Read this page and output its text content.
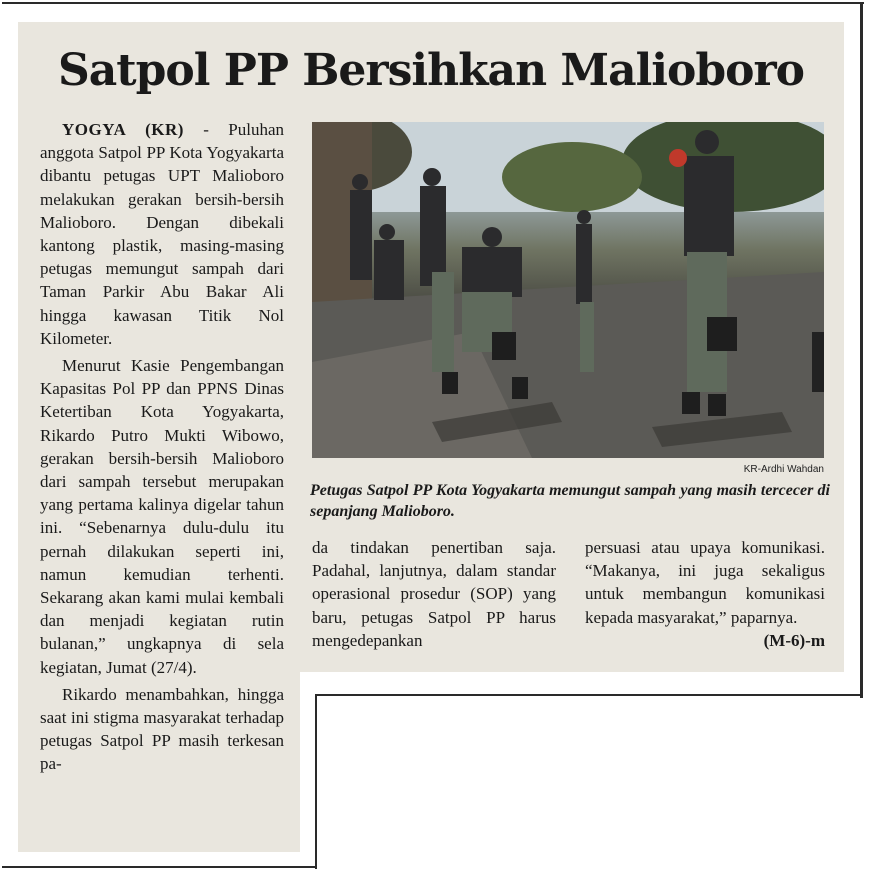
Satpol PP Bersihkan Malioboro

YOGYA (KR) - Puluhan anggota Satpol PP Kota Yogyakarta dibantu petugas UPT Malioboro melakukan gerakan bersih-bersih Malioboro. Dengan dibekali kantong plastik, masing-masing petugas memungut sampah dari Taman Parkir Abu Bakar Ali hingga kawasan Titik Nol Kilometer.

Menurut Kasie Pengembangan Kapasitas Pol PP dan PPNS Dinas Ketertiban Kota Yogyakarta, Rikardo Putro Mukti Wibowo, gerakan bersih-bersih Malioboro dari sampah tersebut merupakan yang pertama kalinya digelar tahun ini. “Sebenarnya dulu-dulu itu pernah dilakukan seperti ini, namun kemudian terhenti. Sekarang akan kami mulai kembali dan menjadi kegiatan rutin bulanan,” ungkapnya di sela kegiatan, Jumat (27/4).

Rikardo menambahkan, hingga saat ini stigma masyarakat terhadap petugas Satpol PP masih terkesan pa-

KR-Ardhi Wahdan
Petugas Satpol PP Kota Yogyakarta memungut sampah yang masih tercecer di sepanjang Malioboro.

da tindakan penertiban saja. Padahal, lanjutnya, dalam standar operasional prosedur (SOP) yang baru, petugas Satpol PP harus mengedepankan

persuasi atau upaya komunikasi. “Makanya, ini juga sekaligus untuk membangun komunikasi kepada masyarakat,” paparnya.
(M-6)-m
